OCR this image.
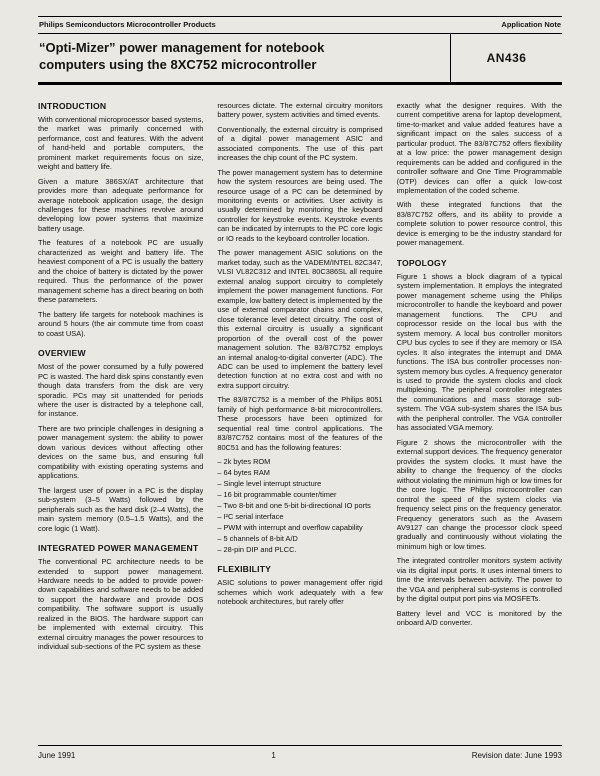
Philips Semiconductors Microcontroller Products	Application Note
“Opti-Mizer” power management for notebook computers using the 8XC752 microcontroller	AN436
INTRODUCTION
With conventional microprocessor based systems, the market was primarily concerned with performance, cost and features. With the advent of hand-held and portable computers, the prominent market requirements focus on size, weight and battery life.
Given a mature 386SX/AT architecture that provides more than adequate performance for average notebook application usage, the design challenges for these machines revolve around developing low power systems that maximize battery usage.
The features of a notebook PC are usually characterized as weight and battery life. The heaviest component of a PC is usually the battery and the choice of battery is dictated by the power required. Thus the performance of the power management scheme has a direct bearing on both these parameters.
The battery life targets for notebook machines is around 5 hours (the air commute time from coast to coast USA).
OVERVIEW
Most of the power consumed by a fully powered PC is wasted. The hard disk spins constantly even though data transfers from the disk are very sporadic. PCs may sit unattended for periods where the user is distracted by a telephone call, for instance.
There are two principle challenges in designing a power management system: the ability to power down various devices without affecting other devices on the same bus, and ensuring full compatibility with existing operating systems and applications.
The largest user of power in a PC is the display sub-system (3–5 Watts) followed by the peripherals such as the hard disk (2–4 Watts), the main system memory (0.5–1.5 Watts), and the core logic (1 Watt).
INTEGRATED POWER MANAGEMENT
The conventional PC architecture needs to be extended to support power management. Hardware needs to be added to provide power-down capabilities and software needs to be added to support the hardware and provide DOS compatibility. The software support is usually realized in the BIOS. The hardware support can be implemented with external circuitry. This external circuitry manages the power resources to individual sub-sections of the PC system as these
resources dictate. The external circuitry monitors battery power, system activities and timed events.
Conventionally, the external circuitry is comprised of a digital power management ASIC and associated components. The use of this part increases the chip count of the PC system.
The power management system has to determine how the system resources are being used. The resource usage of a PC can be determined by monitoring events or activities. User activity is usually determined by monitoring the keyboard controller for keystroke events. Keystroke events can be indicated by interrupts to the PC core logic or IO reads to the keyboard controller location.
The power management ASIC solutions on the market today, such as the VADEM/INTEL 82C347, VLSI VL82C312 and INTEL 80C386SL all require external analog support circuitry to completely implement the power management functions. For example, low battery detect is implemented by the use of external comparator chains and complex, close tolerance level detect circuitry. The cost of this external circuitry is usually a significant proportion of the overall cost of the power management solution. The 83/87C752 employs an internal analog-to-digital converter (ADC). The ADC can be used to implement the battery level detection function at no extra cost and with no extra support circuitry.
The 83/87C752 is a member of the Philips 8051 family of high performance 8-bit microcontrollers. These processors have been optimized for sequential real time control applications. The 83/87C752 contains most of the features of the 80C51 and has the following features:
– 2k bytes ROM
– 64 bytes RAM
– Single level interrupt structure
– 16 bit programmable counter/timer
– Two 8-bit and one 5-bit bi-directional IO ports
– I²C serial interface
– PWM with interrupt and overflow capability
– 5 channels of 8-bit A/D
– 28-pin DIP and PLCC.
FLEXIBILITY
ASIC solutions to power management offer rigid schemes which work adequately with a few notebook architectures, but rarely offer
exactly what the designer requires. With the current competitive arena for laptop development, time-to-market and value added features have a significant impact on the sales success of a particular product. The 83/87C752 offers flexibility at a low price: the power management design requirements can be added and configured in the controller software and One Time Programmable (OTP) devices can offer a quick low-cost implementation of the coded scheme.
With these integrated functions that the 83/87C752 offers, and its ability to provide a complete solution to power resource control, this device is emerging to be the industry standard for power management.
TOPOLOGY
Figure 1 shows a block diagram of a typical system implementation. It employs the integrated power management scheme using the Philips microcontroller to handle the keyboard and power management functions. The CPU and coprocessor reside on the local bus with the system memory. A local bus controller monitors CPU bus cycles to see if they are memory or ISA cycles. It also integrates the interrupt and DMA functions. The ISA bus controller processes non-system memory bus cycles. A frequency generator is used to provide the system clocks and clock multiplexing. The peripheral controller integrates the communications and mass storage sub-system. The VGA sub-system shares the ISA bus with the peripheral controller. The VGA controller has associated VGA memory.
Figure 2 shows the microcontroller with the external support devices. The frequency generator provides the system clocks. It must have the ability to change the frequency of the clocks without violating the minimum high or low times for the core logic. The Philips microcontroller can control the speed of the system clocks via frequency select pins on the frequency generator. Frequency generators such as the Avasem AV9127 can change the processor clock speed gradually and continuously without violating the minimum high or low times.
The integrated controller monitors system activity via its digital input ports. It uses internal timers to time the intervals between activity. The power to the VGA and peripheral sub-systems is controlled by the digital output port pins via MOSFETs.
Battery level and VCC is monitored by the onboard A/D converter.
June 1991	1	Revision date: June 1993
